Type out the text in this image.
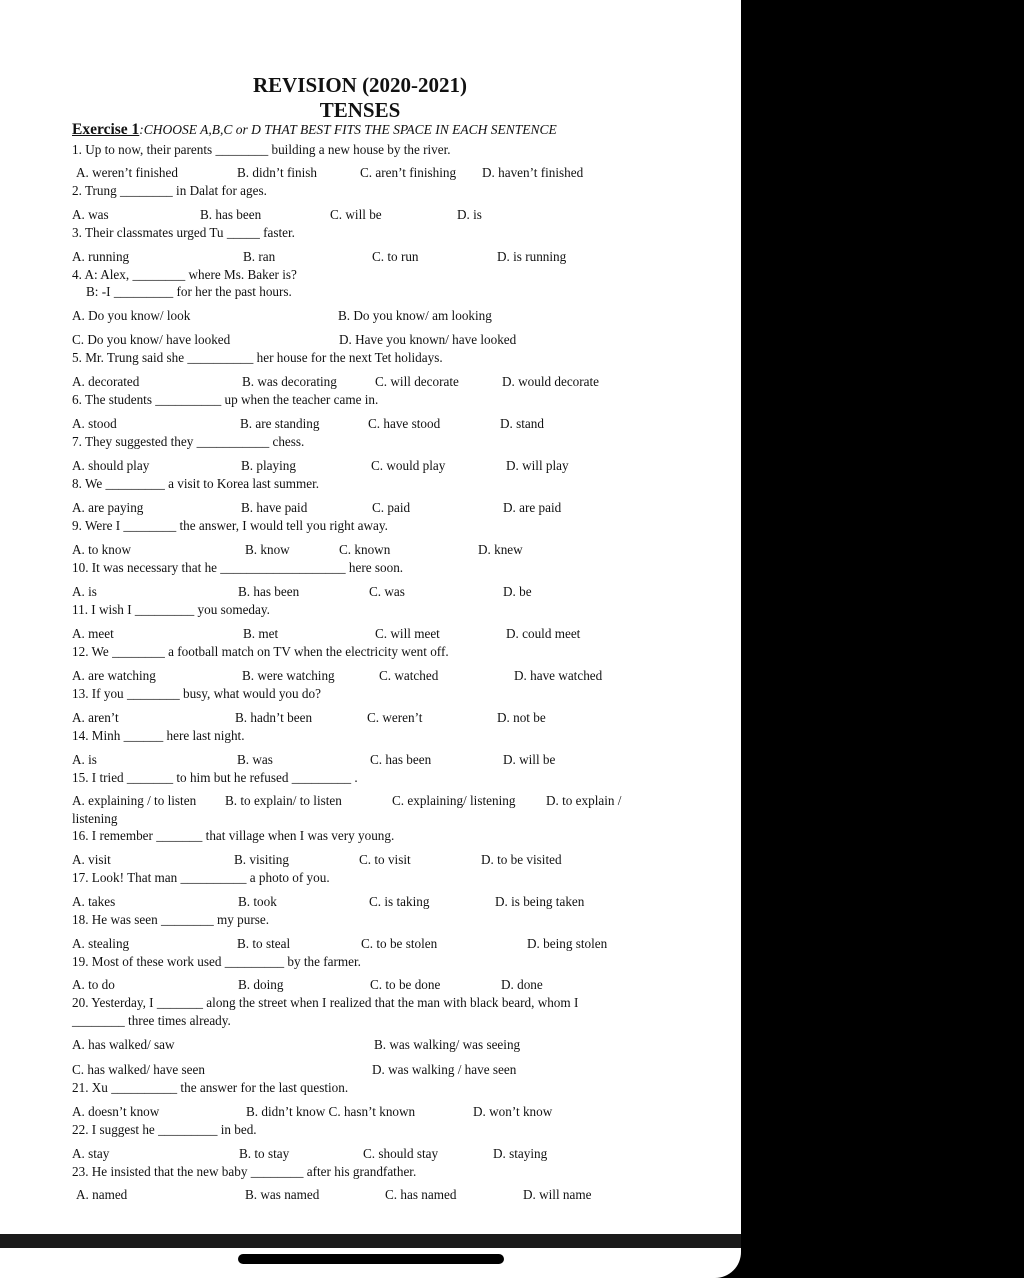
REVISION (2020-2021)
TENSES
Exercise 1:CHOOSE A,B,C or D THAT BEST FITS THE SPACE IN EACH SENTENCE
1. Up to now, their parents ________ building a new house by the river.
A. weren’t finished	B. didn’t finish	C. aren’t finishing D. haven’t finished
2. Trung ________ in Dalat for ages.
A. was	B. has been	C. will be	D. is
3. Their classmates urged Tu _____ faster.
A. running	B. ran	C. to run	D. is running
4. A: Alex, ________ where Ms. Baker is?
B: -I _________ for her the past hours.
A. Do you know/ look	B. Do you know/ am looking
C. Do you know/ have looked	D. Have you known/ have looked
5. Mr. Trung said she __________ her house for the next Tet holidays.
A. decorated	B. was decorating	C. will decorate	D. would decorate
6. The students __________ up when the teacher came in.
A. stood	B. are standing	C. have stood	D. stand
7. They suggested they ___________ chess.
A. should play	B. playing	C. would play	D. will play
8. We _________ a visit to Korea last summer.
A. are paying	B. have paid	C. paid	D. are paid
9. Were I ________ the answer, I would tell you right away.
A. to know	B. know	C. known	D. knew
10. It was necessary that he ___________________ here soon.
A. is	B. has been	C. was	D. be
11. I wish I _________ you someday.
A. meet	B. met	C. will meet	D. could meet
12. We ________ a football match on TV when the electricity went off.
A. are watching	B. were watching	C. watched	D. have watched
13. If you ________ busy, what would you do?
A. aren’t	B. hadn’t been	C. weren’t	D. not be
14. Minh ______ here last night.
A. is	B. was	C. has been	D. will be
15. I tried _______ to him but he refused _________ .
A. explaining / to listen B. to explain/ to listen	C. explaining/ listening D. to explain /
listening
16. I remember _______ that village when I was very young.
A. visit	B. visiting	C. to visit	D. to be visited
17. Look! That man __________ a photo of you.
A. takes	B. took	C. is taking	D. is being taken
18. He was seen ________ my purse.
A. stealing	B. to steal	C. to be stolen	D. being stolen
19. Most of these work used _________ by the farmer.
A. to do	B. doing	C. to be done	D. done
20. Yesterday, I _______ along the street when I realized that the man with black beard, whom I
________ three times already.
A. has walked/ saw	B. was walking/ was seeing
C. has walked/ have seen	D. was walking / have seen
21. Xu __________ the answer for the last question.
A. doesn’t know	B. didn’t know C. hasn’t known	D. won’t know
22. I suggest he _________ in bed.
A. stay	B. to stay	C. should stay	D. staying
23. He insisted that the new baby ________ after his grandfather.
A. named	B. was named	C. has named	D. will name
